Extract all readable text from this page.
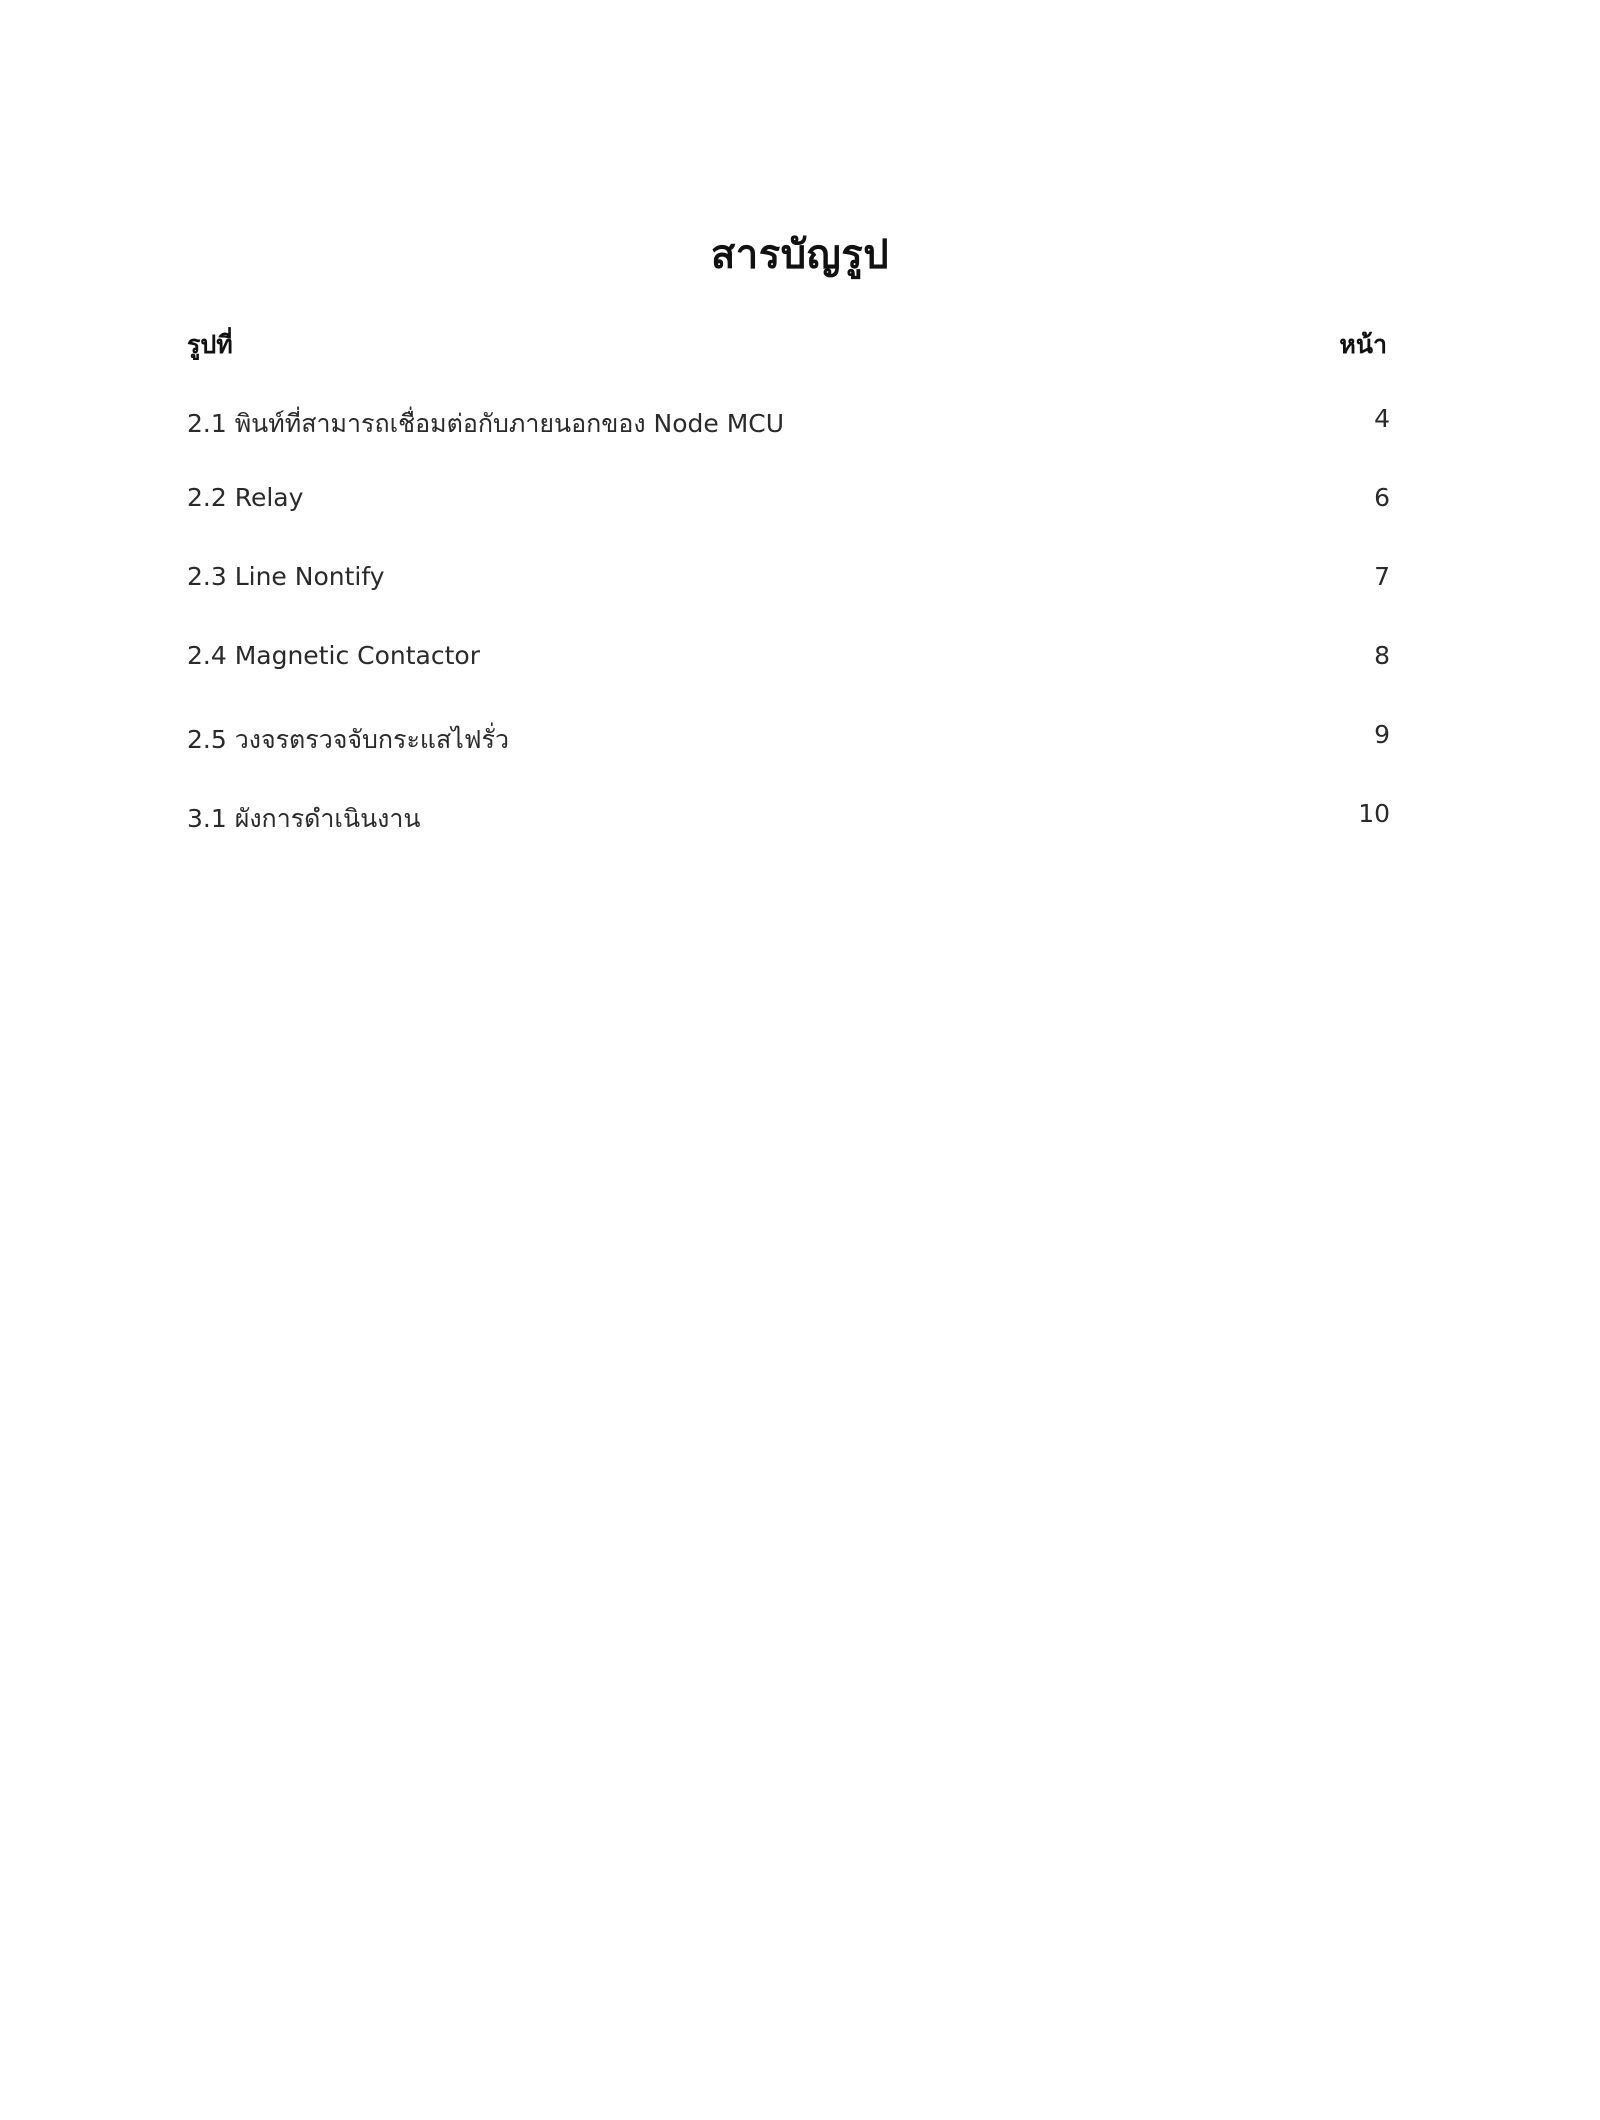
สารบัญรูป
รูปที่	หน้า
2.1 พินท์ที่สามารถเชื่อมต่อกับภายนอกของ Node MCU	4
2.2 Relay	6
2.3 Line Nontify	7
2.4 Magnetic Contactor	8
2.5 วงจรตรวจจับกระแสไฟรั่ว	9
3.1 ผังการดำเนินงาน	10
